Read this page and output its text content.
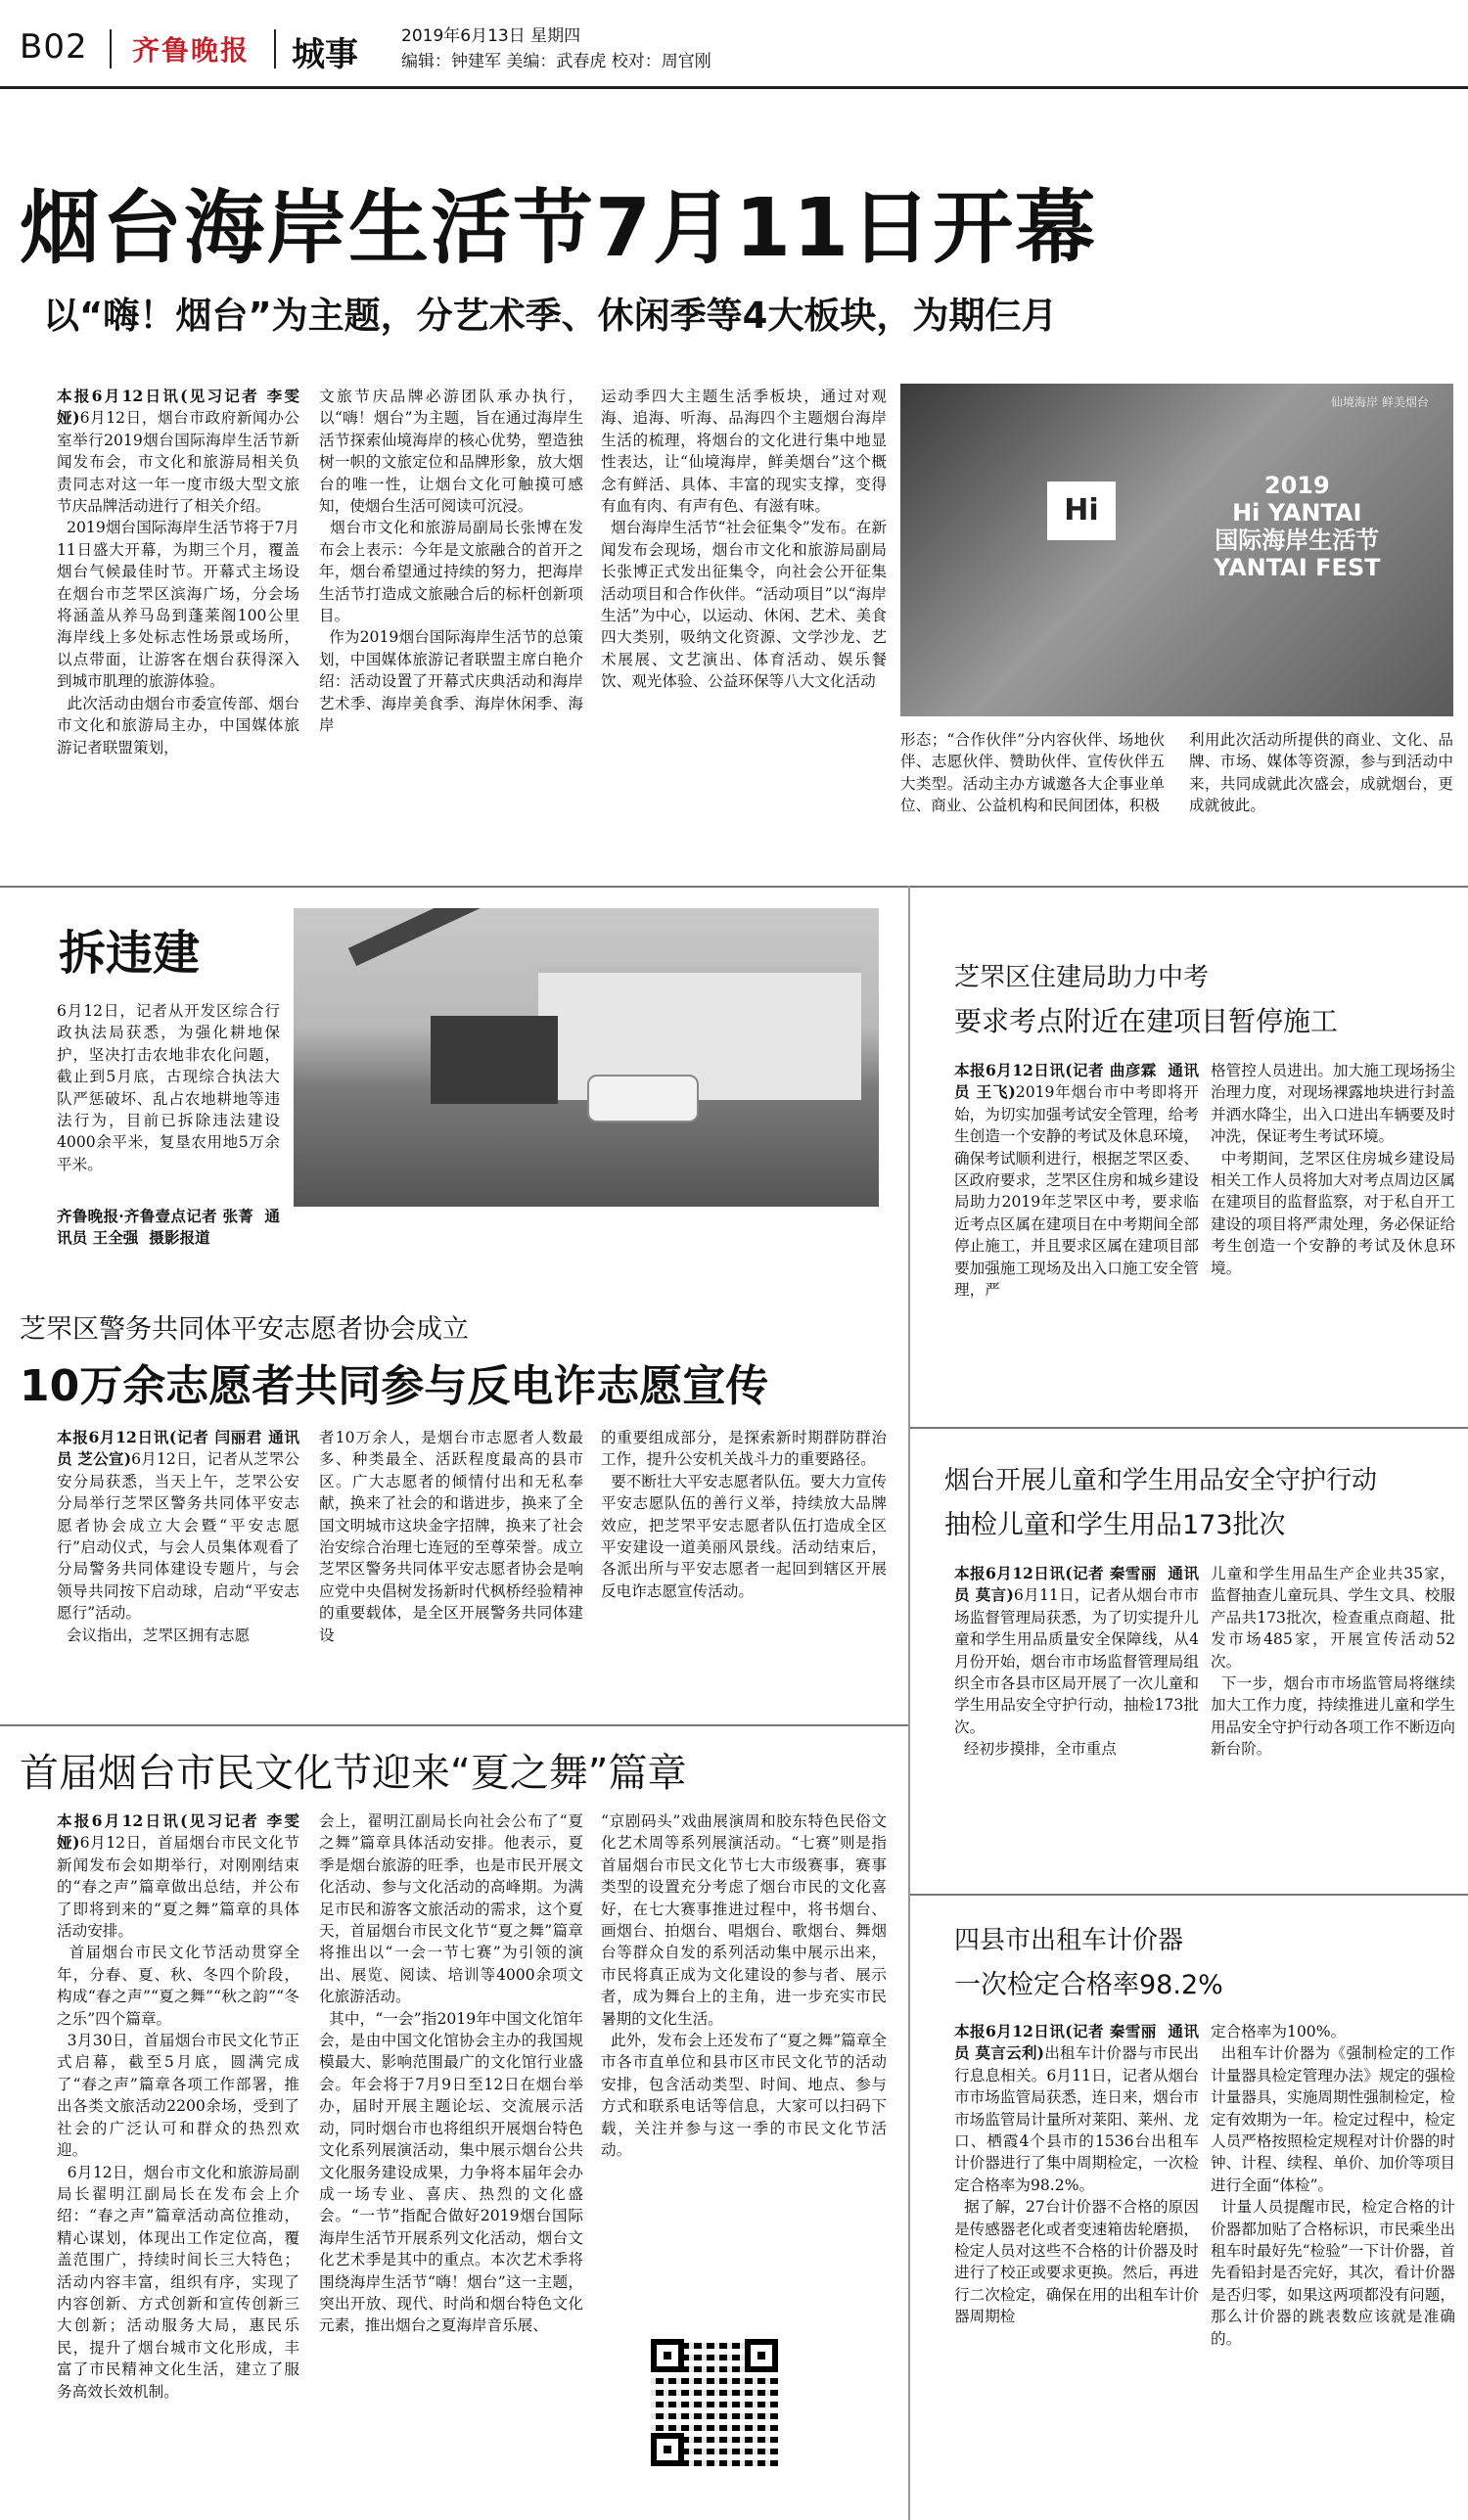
B02 齐鲁晚报 城事	2019年6月13日 星期四
编辑：钟建军 美编：武春虎 校对：周官刚
烟台海岸生活节7月11日开幕
以“嗨！烟台”为主题，分艺术季、休闲季等4大板块，为期仨月
本报6月12日讯(见习记者 李雯娅)6月12日，烟台市政府新闻办公室举行2019烟台国际海岸生活节新闻发布会，市文化和旅游局相关负责同志对这一年一度市级大型文旅节庆品牌活动进行了相关介绍。
2019烟台国际海岸生活节将于7月11日盛大开幕，为期三个月，覆盖烟台气候最佳时节。开幕式主场设在烟台市芝罘区滨海广场，分会场将涵盖从养马岛到蓬莱阁100公里海岸线上多处标志性场景或场所，以点带面，让游客在烟台获得深入到城市肌理的旅游体验。
此次活动由烟台市委宣传部、烟台市文化和旅游局主办，中国媒体旅游记者联盟策划，
文旅节庆品牌必游团队承办执行，以“嗨！烟台”为主题，旨在通过海岸生活节探索仙境海岸的核心优势，塑造独树一帜的文旅定位和品牌形象，放大烟台的唯一性，让烟台文化可触摸可感知，使烟台生活可阅读可沉浸。
烟台市文化和旅游局副局长张博在发布会上表示：今年是文旅融合的首开之年，烟台希望通过持续的努力，把海岸生活节打造成文旅融合后的标杆创新项目。
作为2019烟台国际海岸生活节的总策划，中国媒体旅游记者联盟主席白艳介绍：活动设置了开幕式庆典活动和海岸艺术季、海岸美食季、海岸休闲季、海岸
运动季四大主题生活季板块，通过对观海、追海、听海、品海四个主题烟台海岸生活的梳理，将烟台的文化进行集中地显性表达，让“仙境海岸，鲜美烟台”这个概念有鲜活、具体、丰富的现实支撑，变得有血有肉、有声有色、有滋有味。
烟台海岸生活节“社会征集令”发布。在新闻发布会现场，烟台市文化和旅游局副局长张博正式发出征集令，向社会公开征集活动项目和合作伙伴。“活动项目”以“海岸生活”为中心，以运动、休闲、艺术、美食四大类别，吸纳文化资源、文学沙龙、艺术展展、文艺演出、体育活动、娱乐餐饮、观光体验、公益环保等八大文化活动
仙境海岸 鲜美烟台
Hi
2019
Hi YANTAI
国际海岸生活节
YANTAI FEST
形态；“合作伙伴”分内容伙伴、场地伙伴、志愿伙伴、赞助伙伴、宣传伙伴五大类型。活动主办方诚邀各大企事业单位、商业、公益机构和民间团体，积极
利用此次活动所提供的商业、文化、品牌、市场、媒体等资源，参与到活动中来，共同成就此次盛会，成就烟台，更成就彼此。
拆违建
6月12日，记者从开发区综合行政执法局获悉，为强化耕地保护，坚决打击农地非农化问题，截止到5月底，古现综合执法大队严惩破坏、乱占农地耕地等违法行为，目前已拆除违法建设4000余平米，复垦农用地5万余平米。
齐鲁晚报·齐鲁壹点记者 张菁  通讯员 王全强  摄影报道
芝罘区警务共同体平安志愿者协会成立
10万余志愿者共同参与反电诈志愿宣传
本报6月12日讯(记者 闫丽君 通讯员 芝公宣)6月12日，记者从芝罘公安分局获悉，当天上午，芝罘公安分局举行芝罘区警务共同体平安志愿者协会成立大会暨“平安志愿行”启动仪式，与会人员集体观看了分局警务共同体建设专题片，与会领导共同按下启动球，启动“平安志愿行”活动。
会议指出，芝罘区拥有志愿
者10万余人，是烟台市志愿者人数最多、种类最全、活跃程度最高的县市区。广大志愿者的倾情付出和无私奉献，换来了社会的和谐进步，换来了全国文明城市这块金字招牌，换来了社会治安综合治理七连冠的至尊荣誉。成立芝罘区警务共同体平安志愿者协会是响应党中央倡树发扬新时代枫桥经验精神的重要载体，是全区开展警务共同体建设
的重要组成部分，是探索新时期群防群治工作，提升公安机关战斗力的重要路径。
要不断壮大平安志愿者队伍。要大力宣传平安志愿队伍的善行义举，持续放大品牌效应，把芝罘平安志愿者队伍打造成全区平安建设一道美丽风景线。活动结束后，各派出所与平安志愿者一起回到辖区开展反电诈志愿宣传活动。
首届烟台市民文化节迎来“夏之舞”篇章
本报6月12日讯(见习记者 李雯娅)6月12日，首届烟台市民文化节新闻发布会如期举行，对刚刚结束的“春之声”篇章做出总结，并公布了即将到来的“夏之舞”篇章的具体活动安排。
首届烟台市民文化节活动贯穿全年，分春、夏、秋、冬四个阶段，构成“春之声”“夏之舞”“秋之韵”“冬之乐”四个篇章。
3月30日，首届烟台市民文化节正式启幕，截至5月底，圆满完成了“春之声”篇章各项工作部署，推出各类文旅活动2200余场，受到了社会的广泛认可和群众的热烈欢迎。
6月12日，烟台市文化和旅游局副局长翟明江副局长在发布会上介绍：“春之声”篇章活动高位推动，精心谋划，体现出工作定位高，覆盖范围广，持续时间长三大特色；活动内容丰富，组织有序，实现了内容创新、方式创新和宣传创新三大创新；活动服务大局，惠民乐民，提升了烟台城市文化形成，丰富了市民精神文化生活，建立了服务高效长效机制。
会上，翟明江副局长向社会公布了“夏之舞”篇章具体活动安排。他表示，夏季是烟台旅游的旺季，也是市民开展文化活动、参与文化活动的高峰期。为满足市民和游客文旅活动的需求，这个夏天，首届烟台市民文化节“夏之舞”篇章将推出以“一会一节七赛”为引领的演出、展览、阅读、培训等4000余项文化旅游活动。
其中，“一会”指2019年中国文化馆年会，是由中国文化馆协会主办的我国规模最大、影响范围最广的文化馆行业盛会。年会将于7月9日至12日在烟台举办，届时开展主题论坛、交流展示活动，同时烟台市也将组织开展烟台特色文化系列展演活动，集中展示烟台公共文化服务建设成果，力争将本届年会办成一场专业、喜庆、热烈的文化盛会。“一节”指配合做好2019烟台国际海岸生活节开展系列文化活动，烟台文化艺术季是其中的重点。本次艺术季将围绕海岸生活节“嗨！烟台”这一主题，突出开放、现代、时尚和烟台特色文化元素，推出烟台之夏海岸音乐展、
“京剧码头”戏曲展演周和胶东特色民俗文化艺术周等系列展演活动。“七赛”则是指首届烟台市民文化节七大市级赛事，赛事类型的设置充分考虑了烟台市民的文化喜好，在七大赛事推进过程中，将书烟台、画烟台、拍烟台、唱烟台、歌烟台、舞烟台等群众自发的系列活动集中展示出来，市民将真正成为文化建设的参与者、展示者，成为舞台上的主角，进一步充实市民暑期的文化生活。
此外，发布会上还发布了“夏之舞”篇章全市各市直单位和县市区市民文化节的活动安排，包含活动类型、时间、地点、参与方式和联系电话等信息，大家可以扫码下载，关注并参与这一季的市民文化节活动。
芝罘区住建局助力中考
要求考点附近在建项目暂停施工
本报6月12日讯(记者 曲彦霖  通讯员 王飞)2019年烟台市中考即将开始，为切实加强考试安全管理，给考生创造一个安静的考试及休息环境，确保考试顺利进行，根据芝罘区委、区政府要求，芝罘区住房和城乡建设局助力2019年芝罘区中考，要求临近考点区属在建项目在中考期间全部停止施工，并且要求区属在建项目部要加强施工现场及出入口施工安全管理，严
格管控人员进出。加大施工现场扬尘治理力度，对现场裸露地块进行封盖并洒水降尘，出入口进出车辆要及时冲洗，保证考生考试环境。
中考期间，芝罘区住房城乡建设局相关工作人员将加大对考点周边区属在建项目的监督监察，对于私自开工建设的项目将严肃处理，务必保证给考生创造一个安静的考试及休息环境。
烟台开展儿童和学生用品安全守护行动
抽检儿童和学生用品173批次
本报6月12日讯(记者 秦雪丽  通讯员 莫言)6月11日，记者从烟台市市场监督管理局获悉，为了切实提升儿童和学生用品质量安全保障线，从4月份开始，烟台市市场监督管理局组织全市各县市区局开展了一次儿童和学生用品安全守护行动，抽检173批次。
经初步摸排，全市重点
儿童和学生用品生产企业共35家，监督抽查儿童玩具、学生文具、校服产品共173批次，检查重点商超、批发市场485家，开展宣传活动52次。
下一步，烟台市市场监管局将继续加大工作力度，持续推进儿童和学生用品安全守护行动各项工作不断迈向新台阶。
四县市出租车计价器
一次检定合格率98.2%
本报6月12日讯(记者 秦雪丽  通讯员 莫言云利)出租车计价器与市民出行息息相关。6月11日，记者从烟台市市场监管局获悉，连日来，烟台市市场监管局计量所对莱阳、莱州、龙口、栖霞4个县市的1536台出租车计价器进行了集中周期检定，一次检定合格率为98.2%。
据了解，27台计价器不合格的原因是传感器老化或者变速箱齿轮磨损，检定人员对这些不合格的计价器及时进行了校正或要求更换。然后，再进行二次检定，确保在用的出租车计价器周期检
定合格率为100%。
出租车计价器为《强制检定的工作计量器具检定管理办法》规定的强检计量器具，实施周期性强制检定，检定有效期为一年。检定过程中，检定人员严格按照检定规程对计价器的时钟、计程、续程、单价、加价等项目进行全面“体检”。
计量人员提醒市民，检定合格的计价器都加贴了合格标识，市民乘坐出租车时最好先“检验”一下计价器，首先看铅封是否完好，其次，看计价器是否归零，如果这两项都没有问题，那么计价器的跳表数应该就是准确的。
